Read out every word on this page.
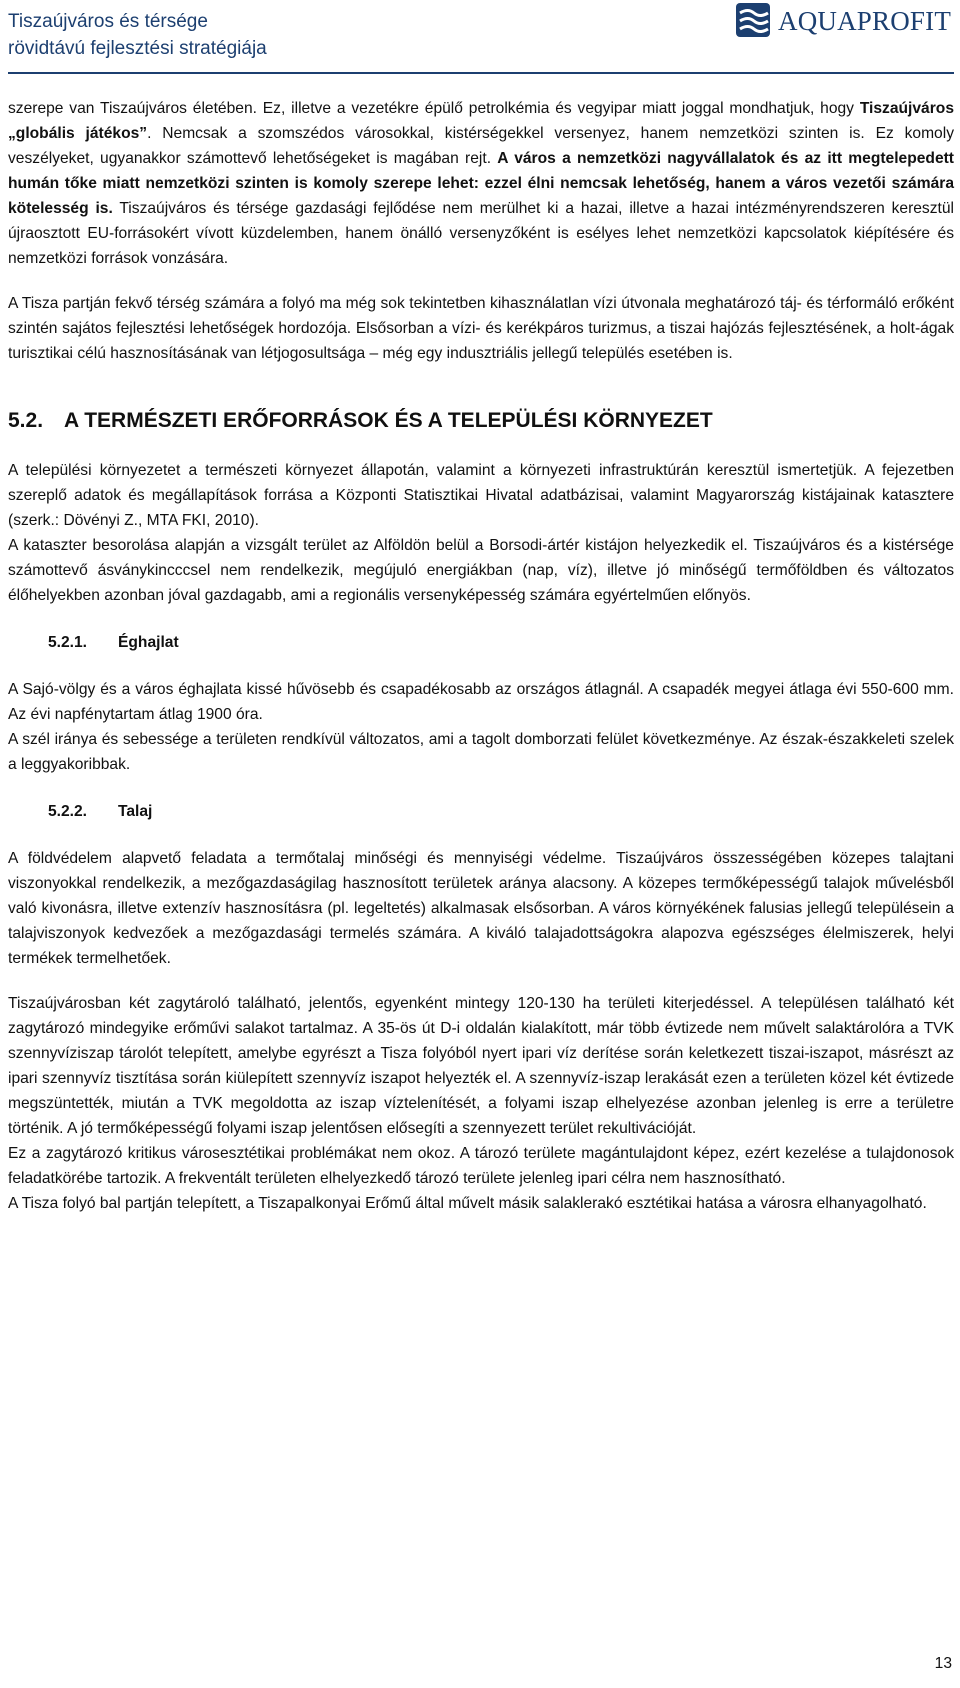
Tiszaújváros és térsége
rövidtávú fejlesztési stratégiája
AQUAPROFIT

szerepe van Tiszaújváros életében. Ez, illetve a vezetékre épülő petrolkémia és vegyipar miatt joggal mondhatjuk, hogy Tiszaújváros „globális játékos”. Nemcsak a szomszédos városokkal, kistérségekkel versenyez, hanem nemzetközi szinten is. Ez komoly veszélyeket, ugyanakkor számottevő lehetőségeket is magában rejt. A város a nemzetközi nagyvállalatok és az itt megtelepedett humán tőke miatt nemzetközi szinten is komoly szerepe lehet: ezzel élni nemcsak lehetőség, hanem a város vezetői számára kötelesség is. Tiszaújváros és térsége gazdasági fejlődése nem merülhet ki a hazai, illetve a hazai intézményrendszeren keresztül újraosztott EU-forrásokért vívott küzdelemben, hanem önálló versenyzőként is esélyes lehet nemzetközi kapcsolatok kiépítésére és nemzetközi források vonzására.

A Tisza partján fekvő térség számára a folyó ma még sok tekintetben kihasználatlan vízi útvonala meghatározó táj- és térformáló erőként szintén sajátos fejlesztési lehetőségek hordozója. Elsősorban a vízi- és kerékpáros turizmus, a tiszai hajózás fejlesztésének, a holt-ágak turisztikai célú hasznosításának van létjogosultsága – még egy indusztriális jellegű település esetében is.

5.2. A TERMÉSZETI ERŐFORRÁSOK ÉS A TELEPÜLÉSI KÖRNYEZET

A települési környezetet a természeti környezet állapotán, valamint a környezeti infrastruktúrán keresztül ismertetjük. A fejezetben szereplő adatok és megállapítások forrása a Központi Statisztikai Hivatal adatbázisai, valamint Magyarország kistájainak katasztere (szerk.: Dövényi Z., MTA FKI, 2010).

A kataszter besorolása alapján a vizsgált terület az Alföldön belül a Borsodi-ártér kistájon helyezkedik el. Tiszaújváros és a kistérsége számottevő ásványkincccsel nem rendelkezik, megújuló energiákban (nap, víz), illetve jó minőségű termőföldben és változatos élőhelyekben azonban jóval gazdagabb, ami a regionális versenyképesség számára egyértelműen előnyös.

5.2.1. Éghajlat

A Sajó-völgy és a város éghajlata kissé hűvösebb és csapadékosabb az országos átlagnál. A csapadék megyei átlaga évi 550-600 mm. Az évi napfénytartam átlag 1900 óra.

A szél iránya és sebessége a területen rendkívül változatos, ami a tagolt domborzati felület következménye. Az észak-északkeleti szelek a leggyakoribbak.

5.2.2. Talaj

A földvédelem alapvető feladata a termőtalaj minőségi és mennyiségi védelme. Tiszaújváros összességében közepes talajtani viszonyokkal rendelkezik, a mezőgazdaságilag hasznosított területek aránya alacsony. A közepes termőképességű talajok művelésből való kivonásra, illetve extenzív hasznosításra (pl. legeltetés) alkalmasak elsősorban. A város környékének falusias jellegű településein a talajviszonyok kedvezőek a mezőgazdasági termelés számára. A kiváló talajadottságokra alapozva egészséges élelmiszerek, helyi termékek termelhetőek.

Tiszaújvárosban két zagytároló található, jelentős, egyenként mintegy 120-130 ha területi kiterjedéssel. A településen található két zagytározó mindegyike erőművi salakot tartalmaz. A 35-ös út D-i oldalán kialakított, már több évtizede nem művelt salaktárolóra a TVK szennyvíziszap tárolót telepített, amelybe egyrészt a Tisza folyóból nyert ipari víz derítése során keletkezett tiszai-iszapot, másrészt az ipari szennyvíz tisztítása során kiülepített szennyvíz iszapot helyezték el. A szennyvíz-iszap lerakását ezen a területen közel két évtizede megszüntették, miután a TVK megoldotta az iszap víztelenítését, a folyami iszap elhelyezése azonban jelenleg is erre a területre történik. A jó termőképességű folyami iszap jelentősen elősegíti a szennyezett terület rekultivációját.

Ez a zagytározó kritikus városesztétikai problémákat nem okoz. A tározó területe magántulajdont képez, ezért kezelése a tulajdonosok feladatkörébe tartozik. A frekventált területen elhelyezkedő tározó területe jelenleg ipari célra nem hasznosítható.

A Tisza folyó bal partján telepített, a Tiszapalkonyai Erőmű által művelt másik salaklerakó esztétikai hatása a városra elhanyagolható.

13
